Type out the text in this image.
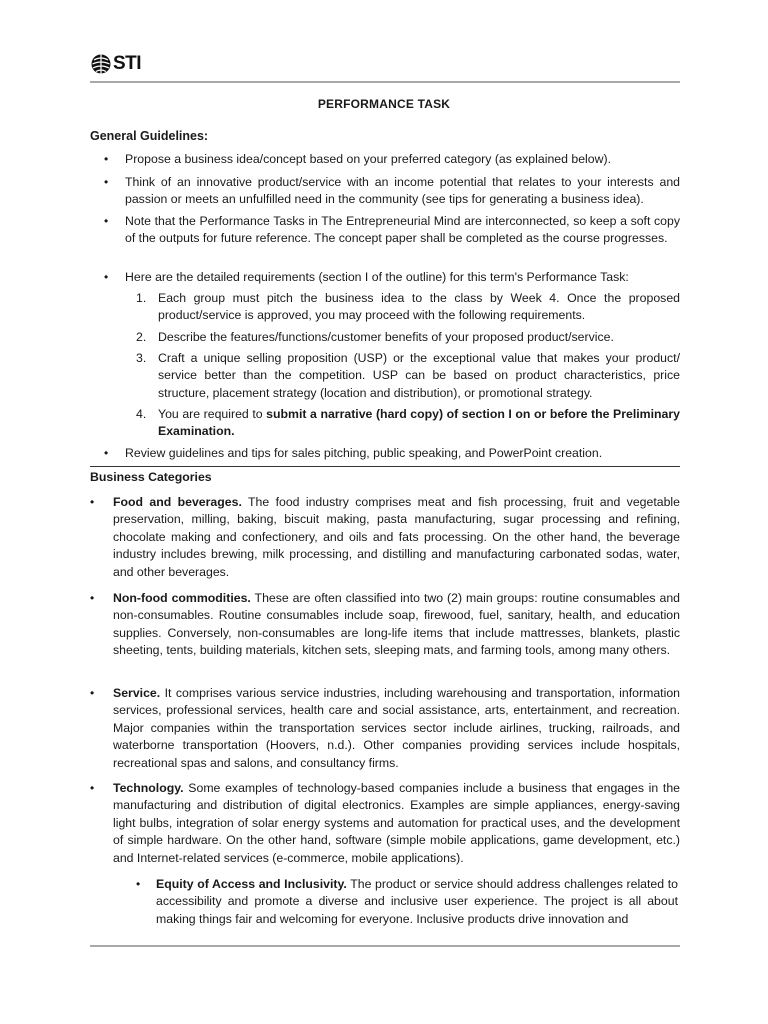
STI
PERFORMANCE TASK
General Guidelines:
•	Propose a business idea/concept based on your preferred category (as explained below).
•	Think of an innovative product/service with an income potential that relates to your interests and passion or meets an unfulfilled need in the community (see tips for generating a business idea).
•	Note that the Performance Tasks in The Entrepreneurial Mind are interconnected, so keep a soft copy of the outputs for future reference. The concept paper shall be completed as the course progresses.
•	Here are the detailed requirements (section I of the outline) for this term's Performance Task:
1. Each group must pitch the business idea to the class by Week 4. Once the proposed product/service is approved, you may proceed with the following requirements.
2. Describe the features/functions/customer benefits of your proposed product/service.
3. Craft a unique selling proposition (USP) or the exceptional value that makes your product/ service better than the competition. USP can be based on product characteristics, price structure, placement strategy (location and distribution), or promotional strategy.
4. You are required to submit a narrative (hard copy) of section I on or before the Preliminary Examination.
•	Review guidelines and tips for sales pitching, public speaking, and PowerPoint creation.
Business Categories
•	Food and beverages. The food industry comprises meat and fish processing, fruit and vegetable preservation, milling, baking, biscuit making, pasta manufacturing, sugar processing and refining, chocolate making and confectionery, and oils and fats processing. On the other hand, the beverage industry includes brewing, milk processing, and distilling and manufacturing carbonated sodas, water, and other beverages.
•	Non-food commodities. These are often classified into two (2) main groups: routine consumables and non-consumables. Routine consumables include soap, firewood, fuel, sanitary, health, and education supplies. Conversely, non-consumables are long-life items that include mattresses, blankets, plastic sheeting, tents, building materials, kitchen sets, sleeping mats, and farming tools, among many others.
•	Service. It comprises various service industries, including warehousing and transportation, information services, professional services, health care and social assistance, arts, entertainment, and recreation. Major companies within the transportation services sector include airlines, trucking, railroads, and waterborne transportation (Hoovers, n.d.). Other companies providing services include hospitals, recreational spas and salons, and consultancy firms.
•	Technology. Some examples of technology-based companies include a business that engages in the manufacturing and distribution of digital electronics. Examples are simple appliances, energy-saving light bulbs, integration of solar energy systems and automation for practical uses, and the development of simple hardware. On the other hand, software (simple mobile applications, game development, etc.) and Internet-related services (e-commerce, mobile applications).
•	Equity of Access and Inclusivity. The product or service should address challenges related to accessibility and promote a diverse and inclusive user experience. The project is all about making things fair and welcoming for everyone. Inclusive products drive innovation and
